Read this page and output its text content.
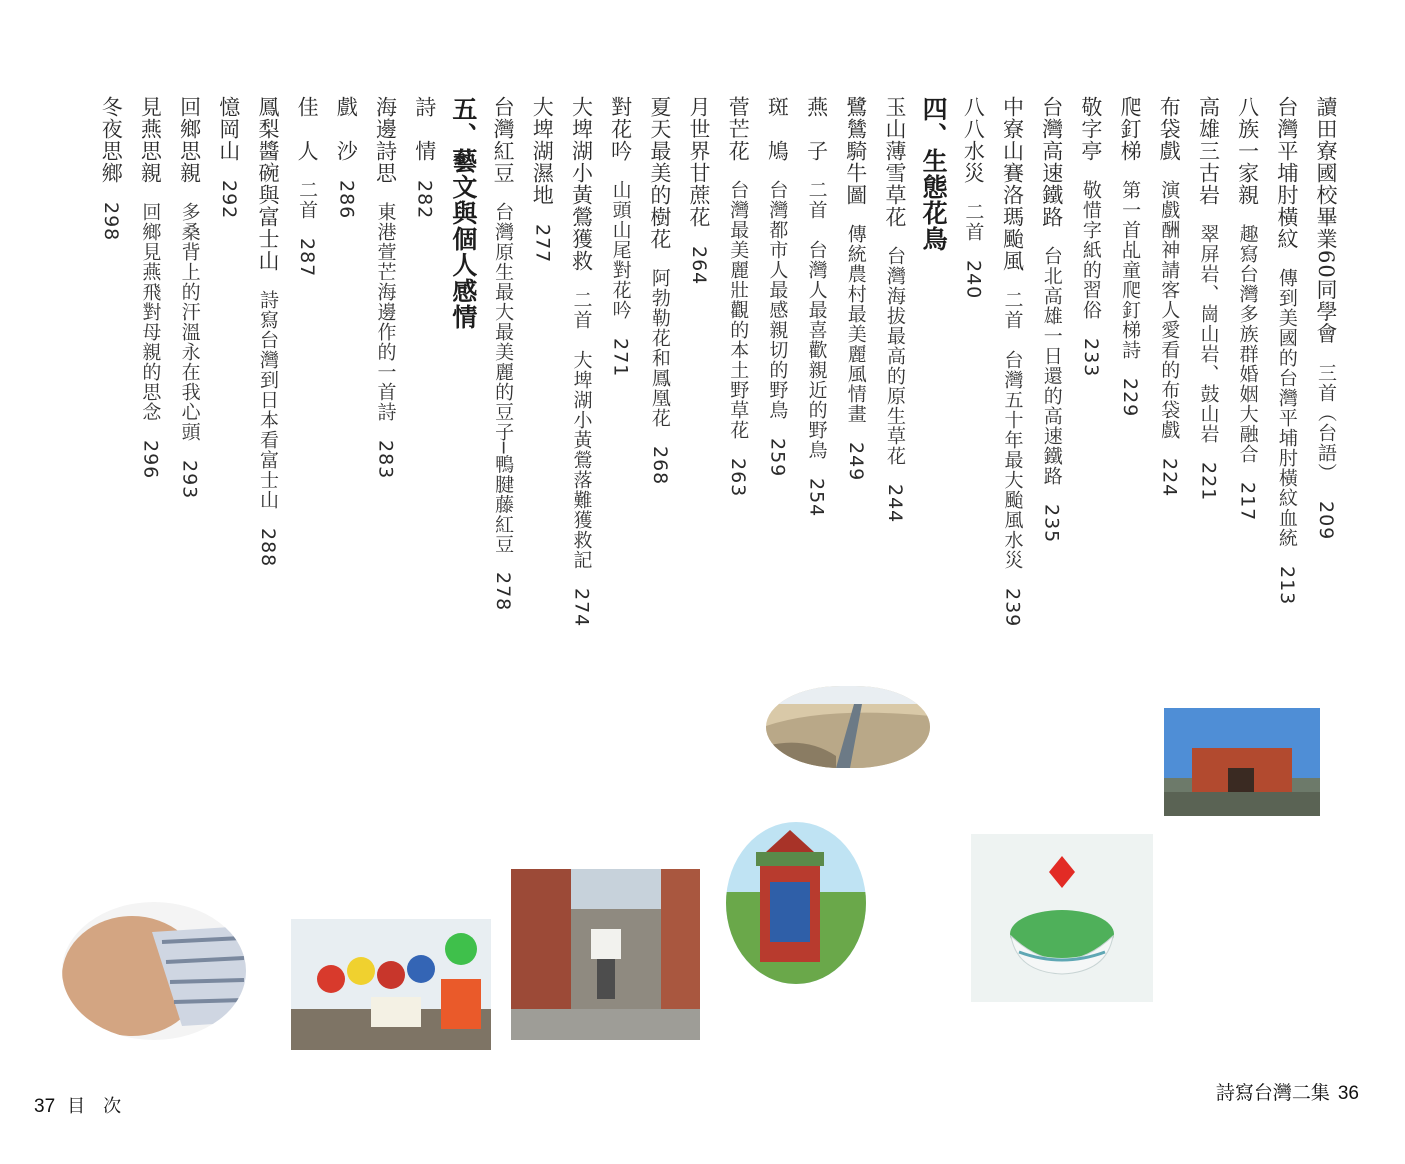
讀田寮國校畢業60同學會三首（台語）209
台灣平埔肘橫紋傳到美國的台灣平埔肘橫紋血統213
八族一家親趣寫台灣多族群婚姻大融合217
高雄三古岩翠屏岩、崗山岩、鼓山岩221
布袋戲演戲酬神請客人愛看的布袋戲224
爬釘梯第一首乩童爬釘梯詩229
敬字亭敬惜字紙的習俗233
台灣高速鐵路台北高雄一日還的高速鐵路235
中寮山賽洛瑪颱風二首　台灣五十年最大颱風水災239
八八水災二首240
四、生態花鳥
玉山薄雪草花台灣海拔最高的原生草花244
鷺鷥騎牛圖傳統農村最美麗風情畫249
燕　子二首　台灣人最喜歡親近的野鳥254
斑　鳩台灣都市人最感親切的野鳥259
菅芒花台灣最美麗壯觀的本土野草花263
月世界甘蔗花264
夏天最美的樹花阿勃勒花和鳳凰花268
對花吟山頭山尾對花吟271
大埤湖小黃鶯獲救二首　大埤湖小黃鶯落難獲救記274
大埤湖濕地277
台灣紅豆台灣原生最大最美麗的豆子─鴨腱藤紅豆278
五、藝文與個人感情
詩　情282
海邊詩思東港萱芒海邊作的一首詩283
戲　沙286
佳　人二首287
鳳梨醬碗與富士山詩寫台灣到日本看富士山288
憶岡山292
回鄉思親多桑背上的汗溫永在我心頭293
見燕思親回鄉見燕飛對母親的思念296
冬夜思鄉298
37 目次
詩寫台灣二集 36
